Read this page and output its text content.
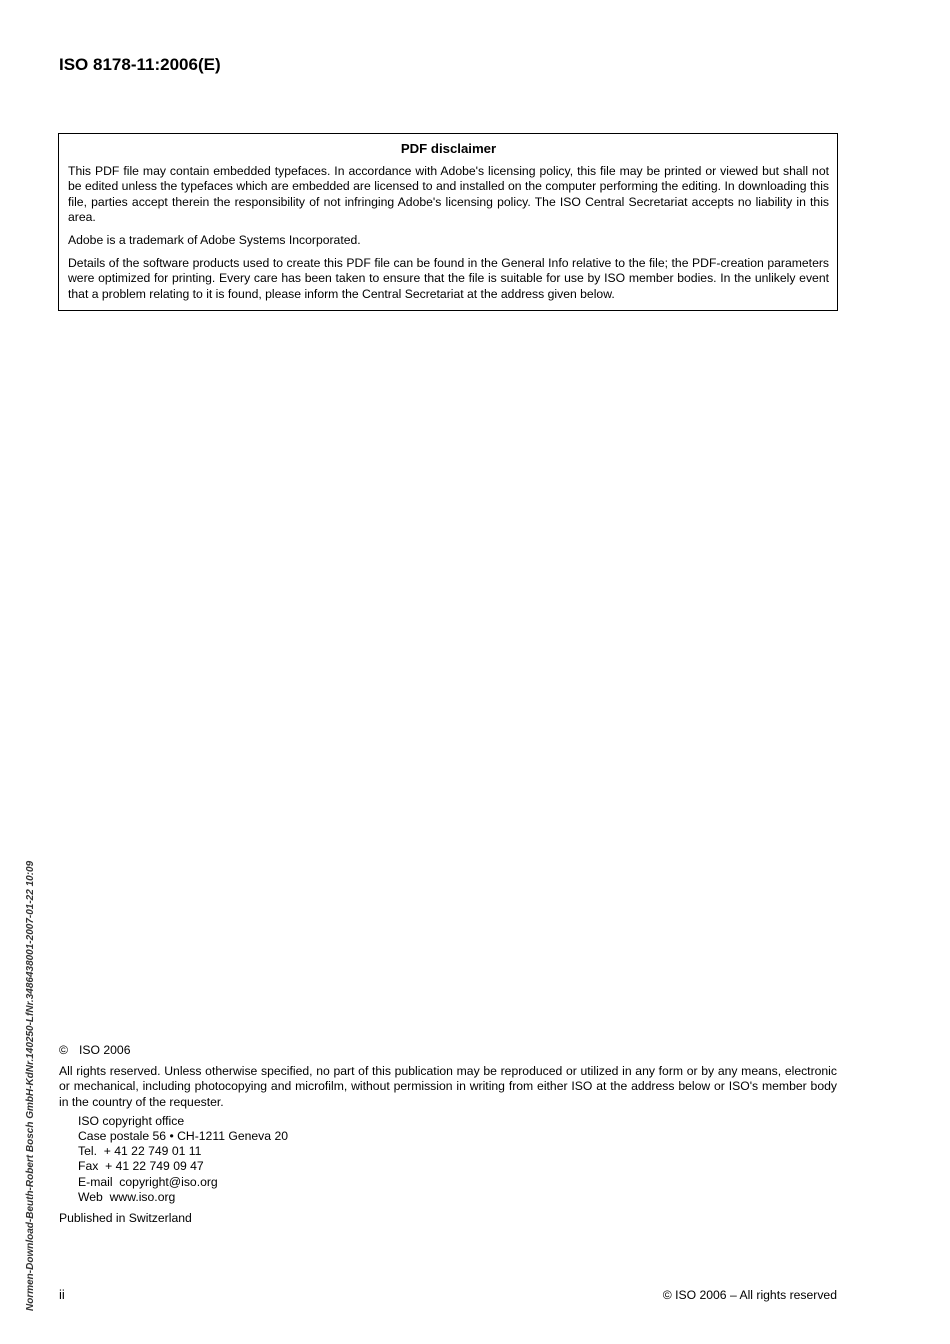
ISO 8178-11:2006(E)
PDF disclaimer

This PDF file may contain embedded typefaces. In accordance with Adobe's licensing policy, this file may be printed or viewed but shall not be edited unless the typefaces which are embedded are licensed to and installed on the computer performing the editing. In downloading this file, parties accept therein the responsibility of not infringing Adobe's licensing policy. The ISO Central Secretariat accepts no liability in this area.

Adobe is a trademark of Adobe Systems Incorporated.

Details of the software products used to create this PDF file can be found in the General Info relative to the file; the PDF-creation parameters were optimized for printing. Every care has been taken to ensure that the file is suitable for use by ISO member bodies. In the unlikely event that a problem relating to it is found, please inform the Central Secretariat at the address given below.

Normen-Download-Beuth-Robert Bosch GmbH-KdNr.140250-LfNr.3486438001-2007-01-22 10:09 © ISO 2006
All rights reserved. Unless otherwise specified, no part of this publication may be reproduced or utilized in any form or by any means, electronic or mechanical, including photocopying and microfilm, without permission in writing from either ISO at the address below or ISO's member body in the country of the requester.
ISO copyright office
Case postale 56 • CH-1211 Geneva 20
Tel.  + 41 22 749 01 11
Fax  + 41 22 749 09 47
E-mail  copyright@iso.org
Web  www.iso.org
Published in Switzerland
ii	© ISO 2006 – All rights reserved
